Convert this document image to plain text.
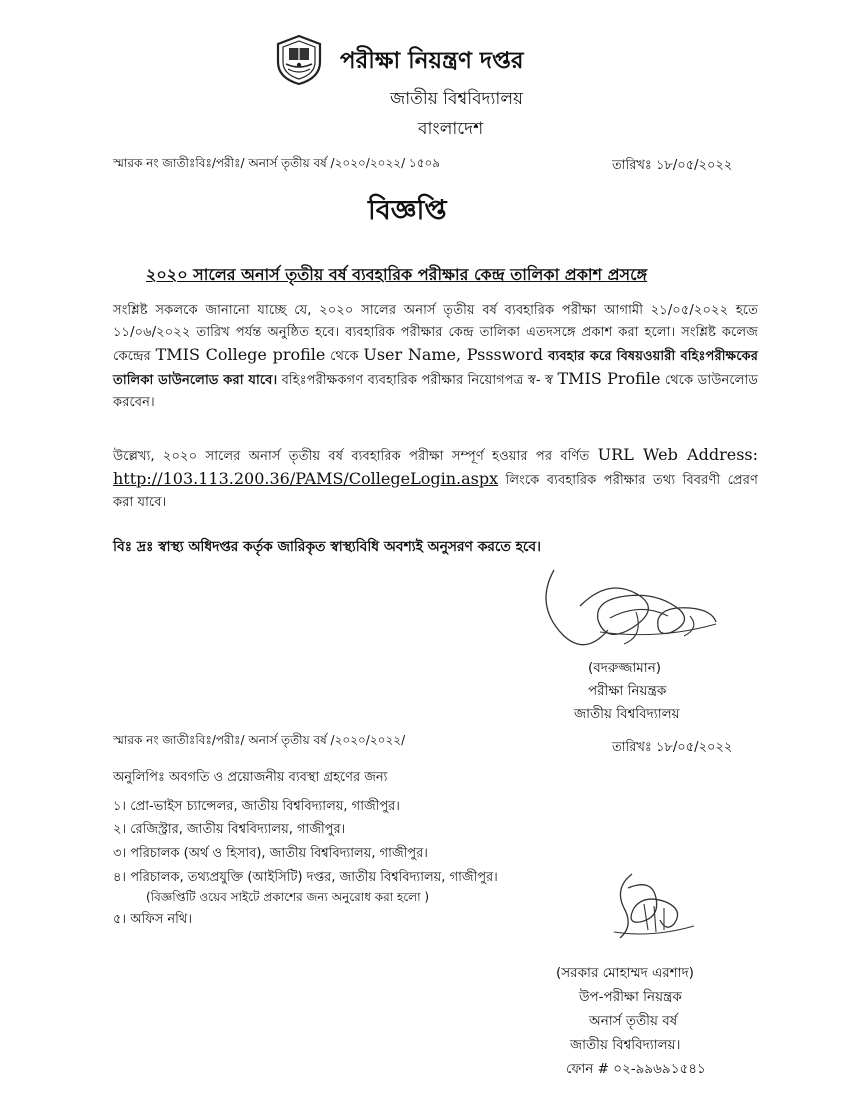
পরীক্ষা নিয়ন্ত্রণ দপ্তর
জাতীয় বিশ্ববিদ্যালয়
বাংলাদেশ
স্মারক নং জাতীঃবিঃ/পরীঃ/ অনার্স তৃতীয় বর্ষ /২০২০/২০২২/ ১৫০৯	তারিখঃ ১৮/০৫/২০২২
বিজ্ঞপ্তি
২০২০ সালের অনার্স তৃতীয় বর্ষ ব্যবহারিক পরীক্ষার কেন্দ্র তালিকা প্রকাশ প্রসঙ্গে
সংশ্লিষ্ট সকলকে জানানো যাচ্ছে যে, ২০২০ সালের অনার্স তৃতীয় বর্ষ ব্যবহারিক পরীক্ষা আগামী ২১/০৫/২০২২ হতে ১১/০৬/২০২২ তারিখ পর্যন্ত অনুষ্ঠিত হবে। ব্যবহারিক পরীক্ষার কেন্দ্র তালিকা এতদসঙ্গে প্রকাশ করা হলো। সংশ্লিষ্ট কলেজ কেন্দ্রের TMIS College profile থেকে User Name, Psssword ব্যবহার করে বিষয়ওয়ারী বহিঃপরীক্ষকের তালিকা ডাউনলোড করা যাবে। বহিঃপরীক্ষকগণ ব্যবহারিক পরীক্ষার নিয়োগপত্র স্ব- স্ব TMIS Profile থেকে ডাউনলোড করবেন।
উল্লেখ্য, ২০২০ সালের অনার্স তৃতীয় বর্ষ ব্যবহারিক পরীক্ষা সম্পূর্ণ হওয়ার পর বর্ণিত URL Web Address: http://103.113.200.36/PAMS/CollegeLogin.aspx লিংকে ব্যবহারিক পরীক্ষার তথ্য বিবরণী প্রেরণ করা যাবে।
বিঃ দ্রঃ স্বাস্থ্য অধিদপ্তর কর্তৃক জারিকৃত স্বাস্থ্যবিধি অবশ্যই অনুসরণ করতে হবে।
(বদরুজ্জামান)
পরীক্ষা নিয়ন্ত্রক
জাতীয় বিশ্ববিদ্যালয়
স্মারক নং জাতীঃবিঃ/পরীঃ/ অনার্স তৃতীয় বর্ষ /২০২০/২০২২/	তারিখঃ ১৮/০৫/২০২২
অনুলিপিঃ অবগতি ও প্রয়োজনীয় ব্যবস্থা গ্রহণের জন্য
১। প্রো-ভাইস চ্যান্সেলর, জাতীয় বিশ্ববিদ্যালয়, গাজীপুর।
২। রেজিস্ট্রার, জাতীয় বিশ্ববিদ্যালয়, গাজীপুর।
৩। পরিচালক (অর্থ ও হিসাব), জাতীয় বিশ্ববিদ্যালয়, গাজীপুর।
৪। পরিচালক, তথ্যপ্রযুক্তি (আইসিটি) দপ্তর, জাতীয় বিশ্ববিদ্যালয়, গাজীপুর।
(বিজ্ঞপ্তিটি ওয়েব সাইটে প্রকাশের জন্য অনুরোধ করা হলো )
৫। অফিস নথি।
(সরকার মোহাম্মদ এরশাদ)
উপ-পরীক্ষা নিয়ন্ত্রক
অনার্স তৃতীয় বর্ষ
জাতীয় বিশ্ববিদ্যালয়।
ফোন # ০২-৯৯৬৯১৫৪১
